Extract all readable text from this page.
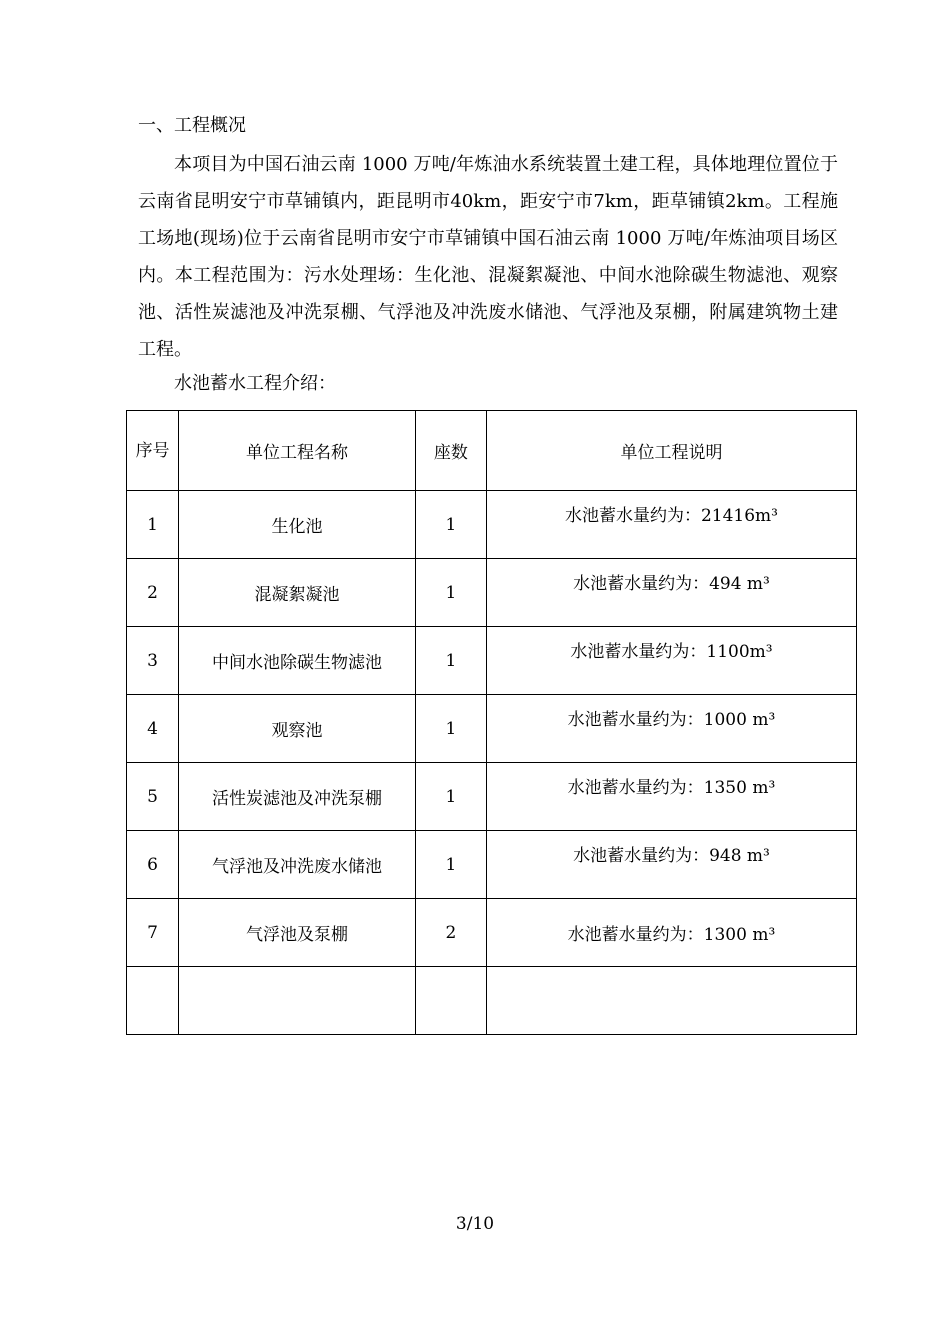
一、工程概况

本项目为中国石油云南 1000 万吨/年炼油水系统装置土建工程，具体地理位置位于云南省昆明安宁市草铺镇内，距昆明市40km，距安宁市7km，距草铺镇2km。工程施工场地(现场)位于云南省昆明市安宁市草铺镇中国石油云南 1000 万吨/年炼油项目场区内。本工程范围为：污水处理场：生化池、混凝絮凝池、中间水池除碳生物滤池、观察池、活性炭滤池及冲洗泵棚、气浮池及冲洗废水储池、气浮池及泵棚，附属建筑物土建工程。

水池蓄水工程介绍：
序号	单位工程名称	座数	单位工程说明
1	生化池	1	水池蓄水量约为：21416m³
2	混凝絮凝池	1	水池蓄水量约为：494 m³
3	中间水池除碳生物滤池	1	水池蓄水量约为：1100m³
4	观察池	1	水池蓄水量约为：1000 m³
5	活性炭滤池及冲洗泵棚	1	水池蓄水量约为：1350 m³
6	气浮池及冲洗废水储池	1	水池蓄水量约为：948 m³
7	气浮池及泵棚	2	水池蓄水量约为：1300 m³

3/10
